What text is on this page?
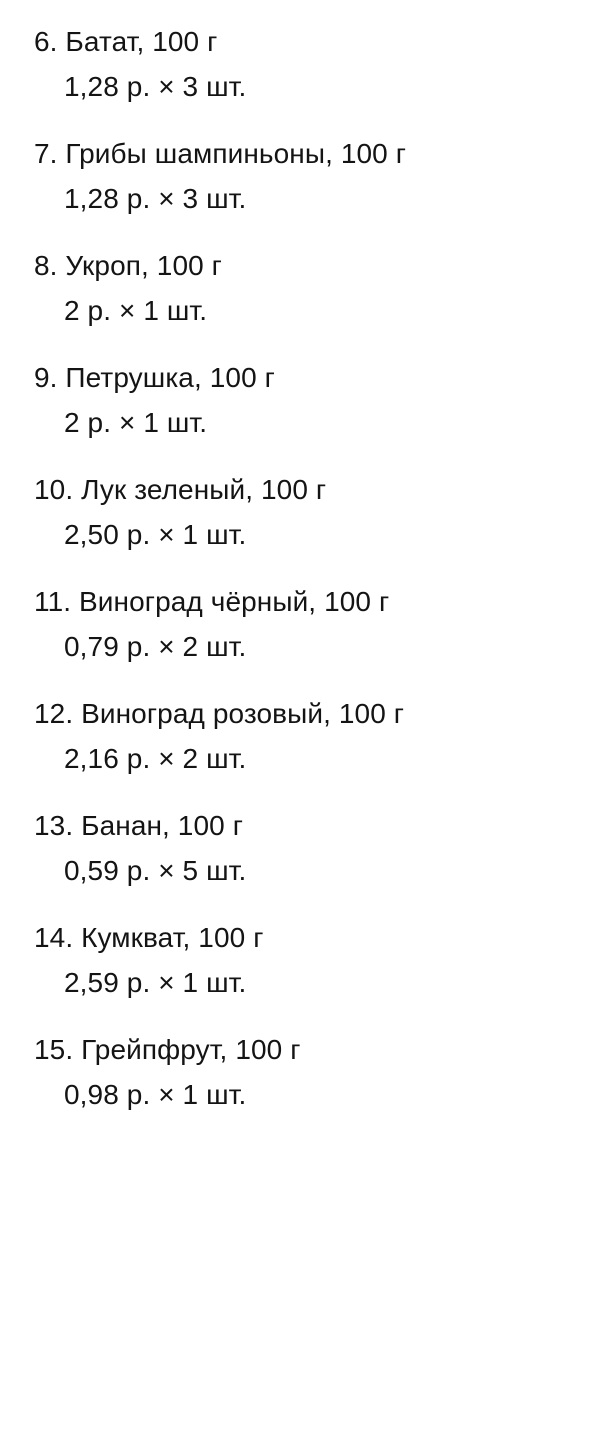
6. Батат, 100 г
1,28 р. × 3 шт.
7. Грибы шампиньоны, 100 г
1,28 р. × 3 шт.
8. Укроп, 100 г
2 р. × 1 шт.
9. Петрушка, 100 г
2 р. × 1 шт.
10. Лук зеленый, 100 г
2,50 р. × 1 шт.
11. Виноград чёрный, 100 г
0,79 р. × 2 шт.
12. Виноград розовый, 100 г
2,16 р. × 2 шт.
13. Банан, 100 г
0,59 р. × 5 шт.
14. Кумкват, 100 г
2,59 р. × 1 шт.
15. Грейпфрут, 100 г
0,98 р. × 1 шт.
